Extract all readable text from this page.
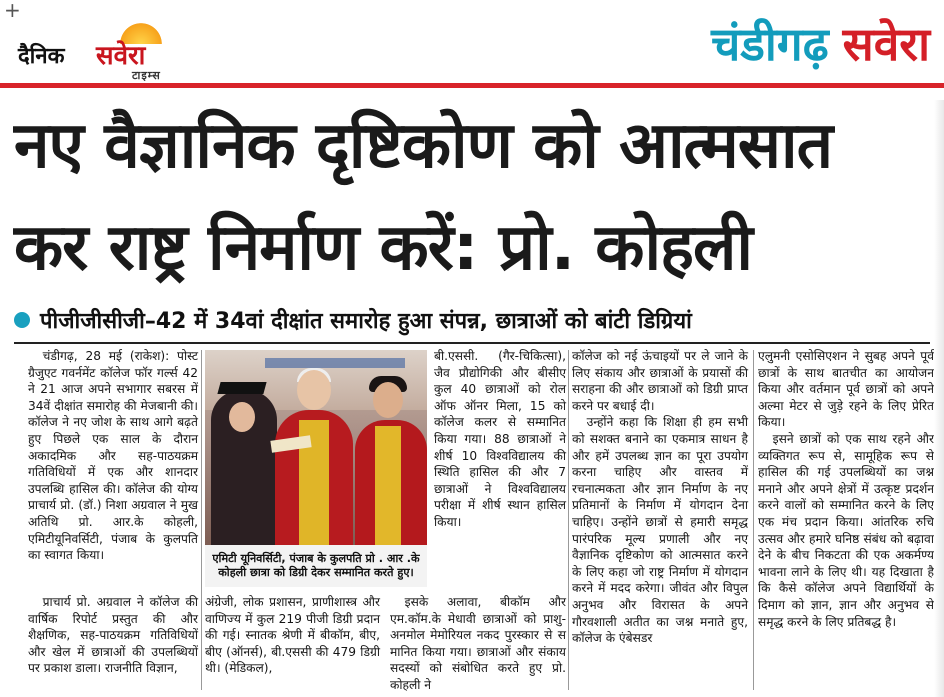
+
दैनिक सवेरा
टाइम्स
चंडीगढ़ सवेरा
नए वैज्ञानिक दृष्टिकोण को आत्मसात
कर राष्ट्र निर्माण करें: प्रो. कोहली
पीजीजीसीजी–42 में 34वां दीक्षांत समारोह हुआ संपन्न, छात्राओं को बांटी डिग्रियां

चंडीगढ़, 28 मई (राकेश): पोस्ट ग्रैजुएट गवर्नमेंट कॉलेज फॉर गर्ल्स 42 ने 21 आज अपने सभागार सबरस में 34वें दीक्षांत समारोह की मेजबानी की। कॉलेज ने नए जोश के साथ आगे बढ़ते हुए पिछले एक साल के दौरान अकादमिक और सह-पाठयक्रम गतिविधियों में एक और शानदार उपलब्धि हासिल की। कॉलेज की योग्य प्राचार्य प्रो. (डॉ.) निशा अग्रवाल ने मुख अतिथि प्रो. आर.के कोहली, एमिटीयूनिवर्सिटी, पंजाब के कुलपति का स्वागत किया।

प्राचार्य प्रो. अग्रवाल ने कॉलेज की वार्षिक रिपोर्ट प्रस्तुत की और शैक्षणिक, सह-पाठयक्रम गतिविधियों और खेल में छात्राओं की उपलब्धियों पर प्रकाश डाला। राजनीति विज्ञान,

एमिटी यूनिवर्सिटी, पंजाब के कुलपति प्रो . आर .के कोहली छात्रा को डिग्री देकर सम्मानित करते हुए।

अंग्रेजी, लोक प्रशासन, प्राणीशास्त्र और वाणिज्य में कुल 219 पीजी डिग्री प्रदान की गई। स्नातक श्रेणी में बीकॉम, बीए, बीए (ऑनर्स), बी.एससी की 479 डिग्री थी। (मेडिकल),

बी.एससी. (गैर-चिकित्सा), जैव प्रौद्योगिकी और बीसीए कुल 40 छात्राओं को रोल ऑफ ऑनर मिला, 15 को कॉलेज कलर से सम्मानित किया गया। 88 छात्राओं ने शीर्ष 10 विश्वविद्यालय की स्थिति हासिल की और 7 छात्राओं ने विश्वविद्यालय परीक्षा में शीर्ष स्थान हासिल किया।

इसके अलावा, बीकॉम और एम.कॉम.के मेधावी छात्राओं को प्राशु-अनमोल मेमोरियल नकद पुरस्कार से स मानित किया गया। छात्राओं और संकाय सदस्यों को संबोधित करते हुए प्रो. कोहली ने

कॉलेज को नई ऊंचाइयों पर ले जाने के लिए संकाय और छात्राओं के प्रयासों की सराहना की और छात्राओं को डिग्री प्राप्त करने पर बधाई दी।

उन्होंने कहा कि शिक्षा ही हम सभी को सशक्त बनाने का एकमात्र साधन है और हमें उपलब्ध ज्ञान का पूरा उपयोग करना चाहिए और वास्तव में रचनात्मकता और ज्ञान निर्माण के नए प्रतिमानों के निर्माण में योगदान देना चाहिए। उन्होंने छात्रों से हमारी समृद्ध पारंपरिक मूल्य प्रणाली और नए वैज्ञानिक दृष्टिकोण को आत्मसात करने के लिए कहा जो राष्ट्र निर्माण में योगदान करने में मदद करेगा। जीवंत और विपुल अनुभव और विरासत के अपने गौरवशाली अतीत का जश्न मनाते हुए, कॉलेज के एंबेसडर

एलुमनी एसोसिएशन ने सुबह अपने पूर्व छात्रों के साथ बातचीत का आयोजन किया और वर्तमान पूर्व छात्रों को अपने अल्मा मेटर से जुड़े रहने के लिए प्रेरित किया।

इसने छात्रों को एक साथ रहने और व्यक्तिगत रूप से, सामूहिक रूप से हासिल की गई उपलब्धियों का जश्न मनाने और अपने क्षेत्रों में उत्कृष्ट प्रदर्शन करने वालों को सम्मानित करने के लिए एक मंच प्रदान किया। आंतरिक रुचि उत्सव और हमारे घनिष्ठ संबंध को बढ़ावा देने के बीच निकटता की एक अकर्मण्य भावना लाने के लिए थी। यह दिखाता है कि कैसे कॉलेज अपने विद्यार्थियों के दिमाग को ज्ञान, ज्ञान और अनुभव से समृद्ध करने के लिए प्रतिबद्ध है।
